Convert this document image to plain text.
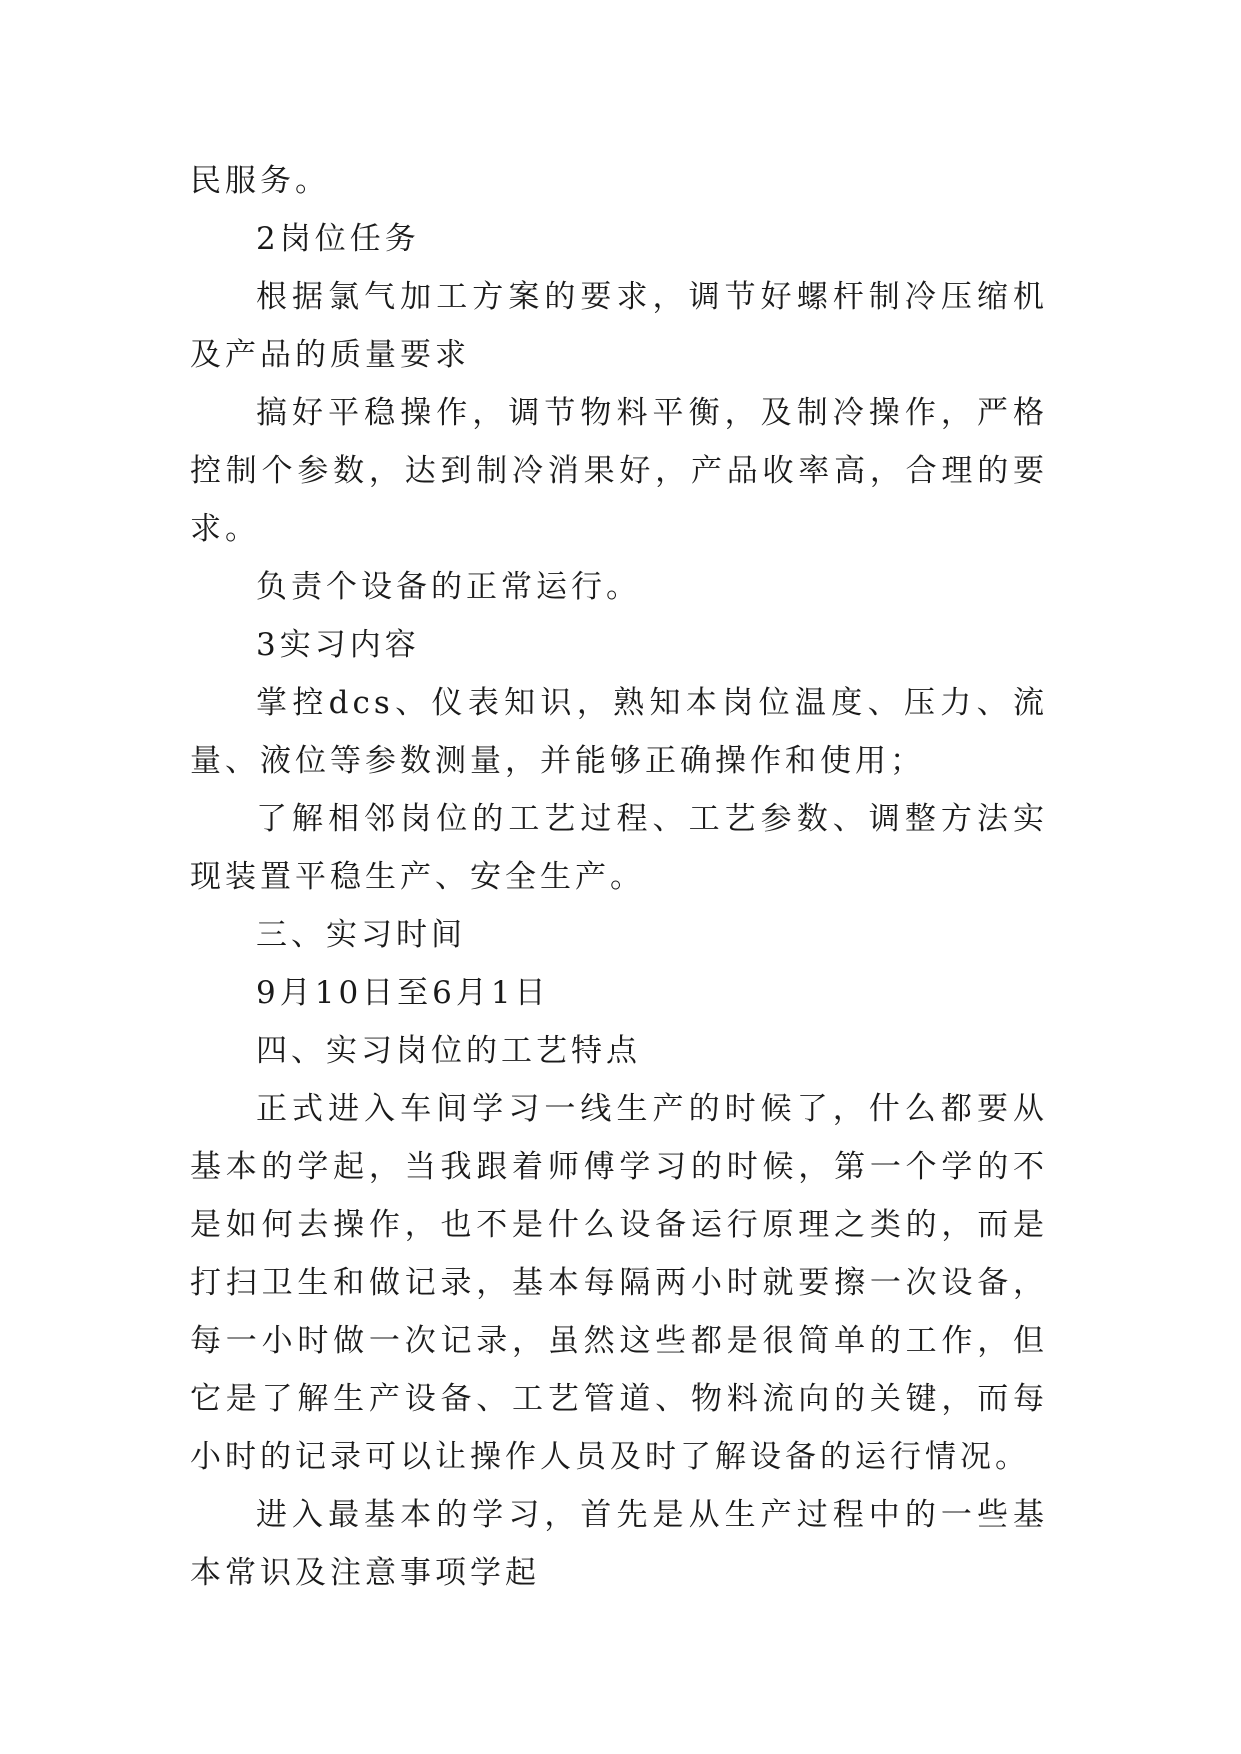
民服务。

2岗位任务

根据氯气加工方案的要求，调节好螺杆制冷压缩机及产品的质量要求

搞好平稳操作，调节物料平衡，及制冷操作，严格控制个参数，达到制冷消果好，产品收率高，合理的要求。

负责个设备的正常运行。

3实习内容

掌控dcs、仪表知识，熟知本岗位温度、压力、流量、液位等参数测量，并能够正确操作和使用；

了解相邻岗位的工艺过程、工艺参数、调整方法实现装置平稳生产、安全生产。

三、实习时间

9月10日至6月1日

四、实习岗位的工艺特点

正式进入车间学习一线生产的时候了，什么都要从基本的学起，当我跟着师傅学习的时候，第一个学的不是如何去操作，也不是什么设备运行原理之类的，而是打扫卫生和做记录，基本每隔两小时就要擦一次设备，每一小时做一次记录，虽然这些都是很简单的工作，但它是了解生产设备、工艺管道、物料流向的关键，而每小时的记录可以让操作人员及时了解设备的运行情况。

进入最基本的学习，首先是从生产过程中的一些基本常识及注意事项学起
